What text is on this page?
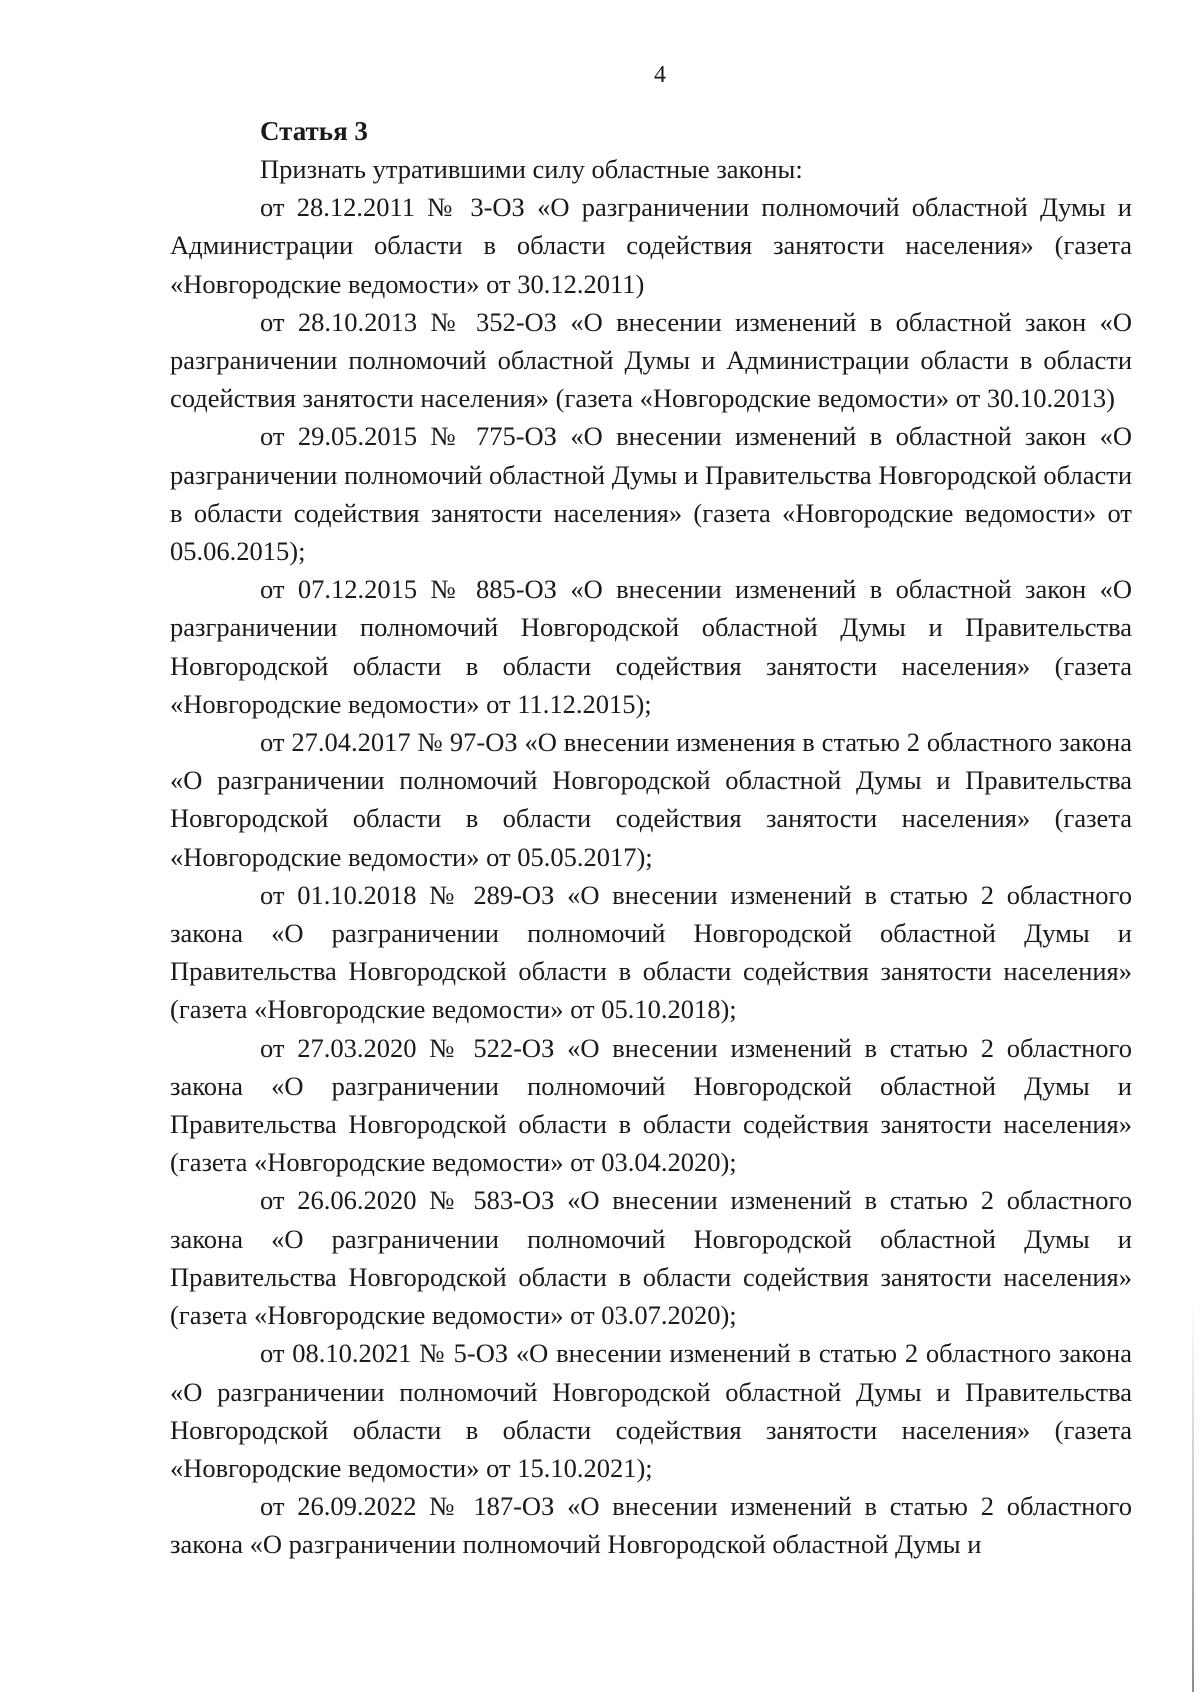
4
Статья 3

Признать утратившими силу областные законы:

от 28.12.2011 № 3-ОЗ «О разграничении полномочий областной Думы и Администрации области в области содействия занятости населения» (газета «Новгородские ведомости» от 30.12.2011)

от 28.10.2013 № 352-ОЗ «О внесении изменений в областной закон «О разграничении полномочий областной Думы и Администрации области в области содействия занятости населения» (газета «Новгородские ведомости» от 30.10.2013)

от 29.05.2015 № 775-ОЗ «О внесении изменений в областной закон «О разграничении полномочий областной Думы и Правительства Новгородской области в области содействия занятости населения» (газета «Новгородские ведомости» от 05.06.2015);

от 07.12.2015 № 885-ОЗ «О внесении изменений в областной закон «О разграничении полномочий Новгородской областной Думы и Правительства Новгородской области в области содействия занятости населения» (газета «Новгородские ведомости» от 11.12.2015);

от 27.04.2017 № 97-ОЗ «О внесении изменения в статью 2 областного закона «О разграничении полномочий Новгородской областной Думы и Правительства Новгородской области в области содействия занятости населения» (газета «Новгородские ведомости» от 05.05.2017);

от 01.10.2018 № 289-ОЗ «О внесении изменений в статью 2 областного закона «О разграничении полномочий Новгородской областной Думы и Правительства Новгородской области в области содействия занятости населения» (газета «Новгородские ведомости» от 05.10.2018);

от 27.03.2020 № 522-ОЗ «О внесении изменений в статью 2 областного закона «О разграничении полномочий Новгородской областной Думы и Правительства Новгородской области в области содействия занятости населения» (газета «Новгородские ведомости» от 03.04.2020);

от 26.06.2020 № 583-ОЗ «О внесении изменений в статью 2 областного закона «О разграничении полномочий Новгородской областной Думы и Правительства Новгородской области в области содействия занятости населения» (газета «Новгородские ведомости» от 03.07.2020);

от 08.10.2021 № 5-ОЗ «О внесении изменений в статью 2 областного закона «О разграничении полномочий Новгородской областной Думы и Правительства Новгородской области в области содействия занятости населения» (газета «Новгородские ведомости» от 15.10.2021);

от 26.09.2022 № 187-ОЗ «О внесении изменений в статью 2 областного закона «О разграничении полномочий Новгородской областной Думы и
